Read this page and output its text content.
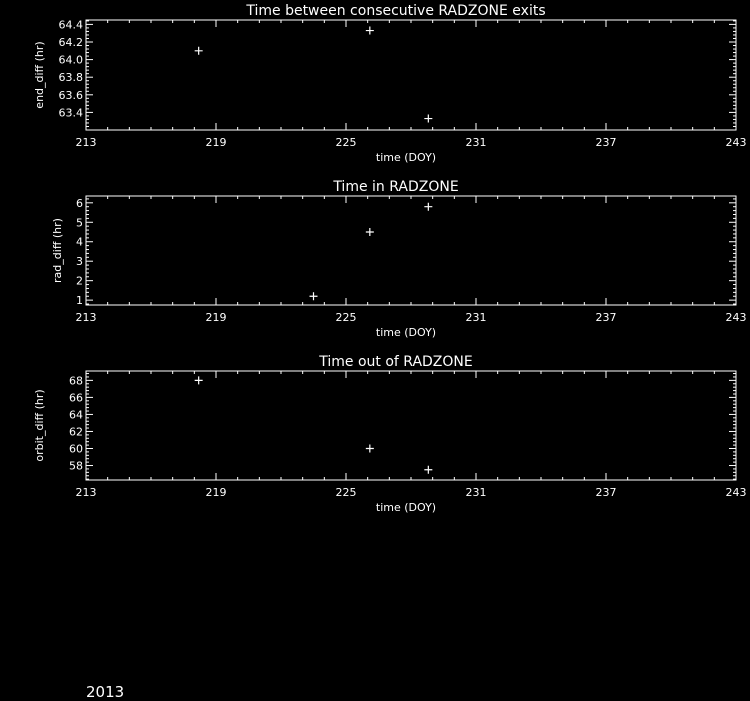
Time between consecutive RADZONE exits
213	219	225	231	237	243
63.4
63.6
63.8
64.0
64.2
64.4
time (DOY)
end_diff (hr)
Time in RADZONE
213	219	225	231	237	243
1
2
3
4
5
6
time (DOY)
rad_diff (hr)
Time out of RADZONE
213	219	225	231	237	243
58
60
62
64
66
68
time (DOY)
orbit_diff (hr)
2013
